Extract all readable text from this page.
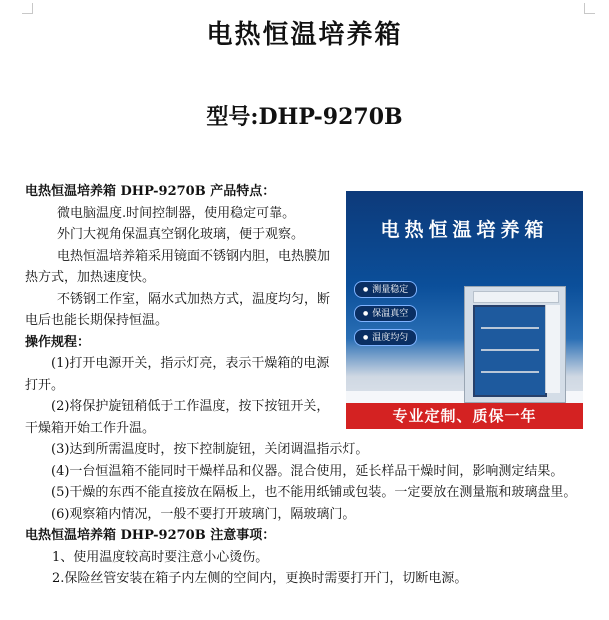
电热恒温培养箱
型号:DHP-9270B
电热恒温培养箱
● 测量稳定
● 保温真空
● 温度均匀
专业定制、质保一年

电热恒温培养箱 DHP-9270B 产品特点：

微电脑温度.时间控制器，使用稳定可靠。

外门大视角保温真空钢化玻璃，便于观察。

电热恒温培养箱采用镜面不锈钢内胆，电热膜加热方式，加热速度快。

不锈钢工作室，隔水式加热方式，温度均匀，断电后也能长期保持恒温。

操作规程：

(1)打开电源开关，指示灯亮，表示干燥箱的电源打开。

(2)将保护旋钮稍低于工作温度，按下按钮开关，干燥箱开始工作升温。

(3)达到所需温度时，按下控制旋钮，关闭调温指示灯。

(4)一台恒温箱不能同时干燥样品和仪器。混合使用，延长样品干燥时间，影响测定结果。

(5)干燥的东西不能直接放在隔板上，也不能用纸铺或包装。一定要放在测量瓶和玻璃盘里。

(6)观察箱内情况，一般不要打开玻璃门，隔玻璃门。

电热恒温培养箱 DHP-9270B 注意事项：

1、使用温度较高时要注意小心烫伤。

2.保险丝管安装在箱子内左侧的空间内，更换时需要打开门，切断电源。
